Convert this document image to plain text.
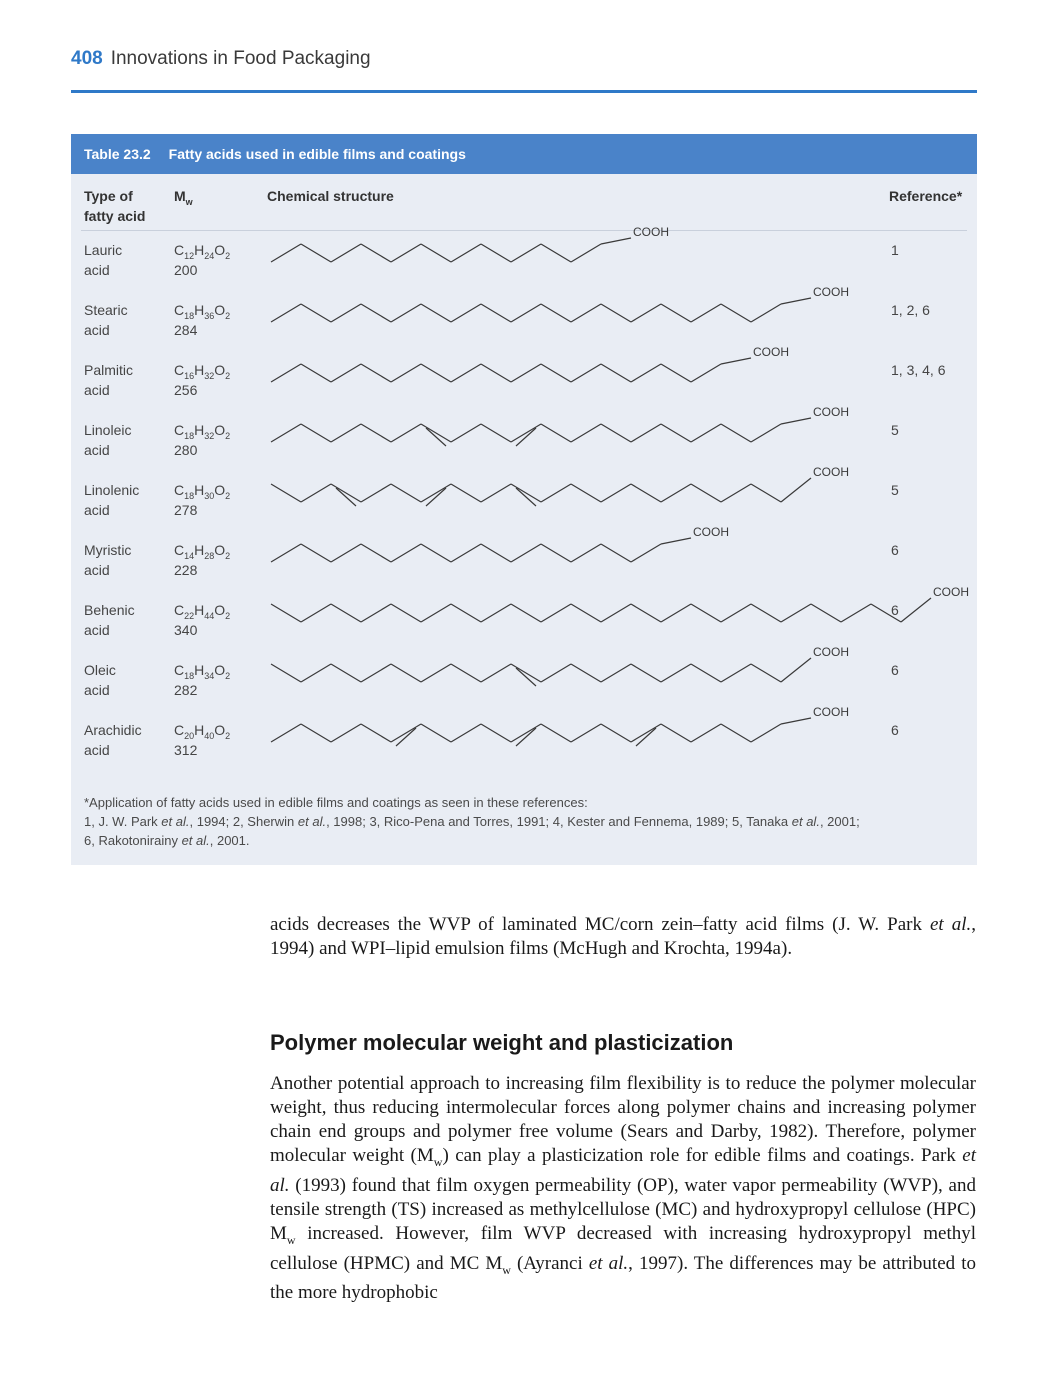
408 Innovations in Food Packaging
Table 23.2 Fatty acids used in edible films and coatings
Type of
fatty acid
$M_w$	Chemical structure	Reference*
Lauric
acid
$C_{12}H_{24}O_2$
200
1
COOH
Stearic
acid
$C_{18}H_{36}O_2$
284
1, 2, 6
COOH
Palmitic
acid
$C_{16}H_{32}O_2$
256
1, 3, 4, 6
COOH
Linoleic
acid
$C_{18}H_{32}O_2$
280
5
COOH
Linolenic
acid
$C_{18}H_{30}O_2$
278
5
COOH
Myristic
acid
$C_{14}H_{28}O_2$
228
6
COOH
Behenic
acid
$C_{22}H_{44}O_2$
340
6
COOH
Oleic
acid
$C_{18}H_{34}O_2$
282
6
COOH
Arachidic
acid
$C_{20}H_{40}O_2$
312
6
COOH
*Application of fatty acids used in edible films and coatings as seen in these references:
1, J. W. Park et al., 1994; 2, Sherwin et al., 1998; 3, Rico-Pena and Torres, 1991; 4, Kester and Fennema, 1989; 5, Tanaka et al., 2001;
6, Rakotonirainy et al., 2001.
acids decreases the WVP of laminated MC/corn zein–fatty acid films (J. W. Park et al., 1994) and WPI–lipid emulsion films (McHugh and Krochta, 1994a).
Polymer molecular weight and plasticization
Another potential approach to increasing film flexibility is to reduce the polymer molecular weight, thus reducing intermolecular forces along polymer chains and increasing polymer chain end groups and polymer free volume (Sears and Darby, 1982). Therefore, polymer molecular weight $(M_w)$ can play a plasticization role for edible films and coatings. Park et al. (1993) found that film oxygen permeability (OP), water vapor permeability (WVP), and tensile strength (TS) increased as methylcellulose (MC) and hydroxypropyl cellulose (HPC) $M_w$ increased. However, film WVP decreased with increasing hydroxypropyl methyl cellulose (HPMC) and MC $M_w$ (Ayranci et al., 1997). The differences may be attributed to the more hydrophobic
